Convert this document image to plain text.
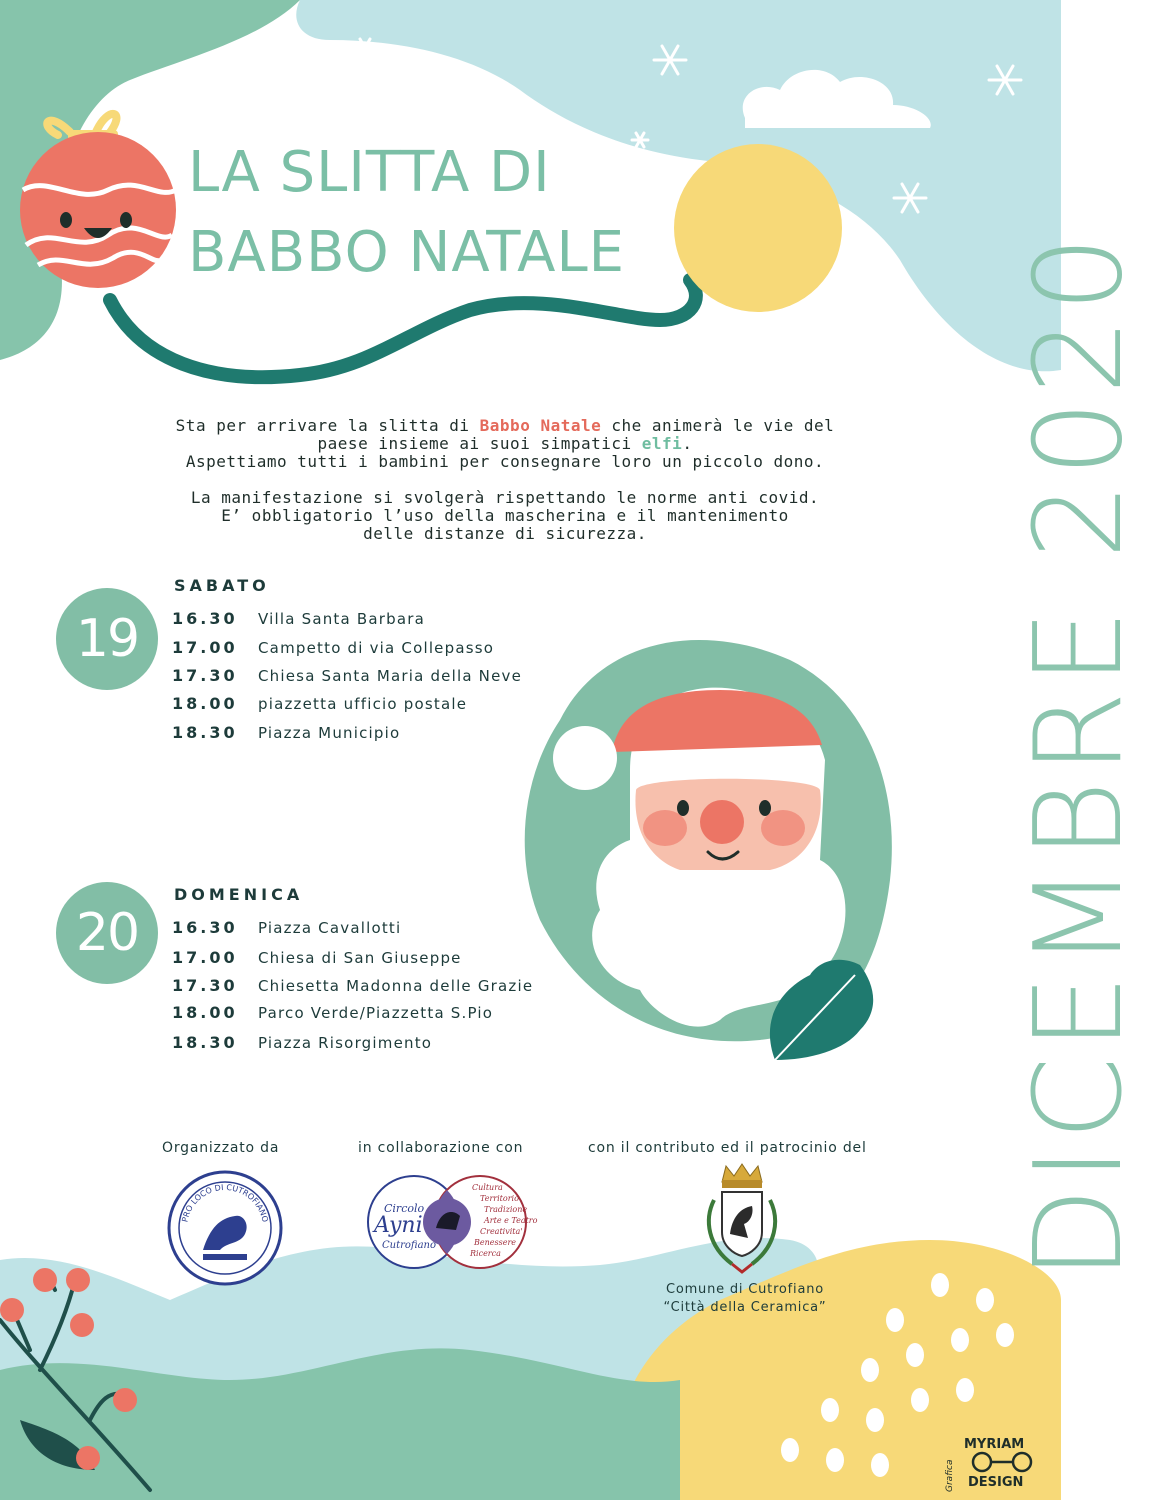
LA SLITTA DI
BABBO NATALE	DICEMBRE 2020
Sta per arrivare la slitta di Babbo Natale che animerà le vie del paese insieme ai suoi simpatici elfi.
Aspettiamo tutti i bambini per consegnare loro un piccolo dono.
La manifestazione si svolgerà rispettando le norme anti covid.
E’ obbligatorio l’uso della mascherina e il mantenimento
delle distanze di sicurezza.
SABATO
19	16.30 Villa Santa Barbara
17.00 Campetto di via Collepasso
17.30 Chiesa Santa Maria della Neve
18.00 piazzetta ufficio postale
18.30 Piazza Municipio
DOMENICA
20	16.30 Piazza Cavallotti
17.00 Chiesa di San Giuseppe
17.30 Chiesetta Madonna delle Grazie
18.00 Parco Verde/Piazzetta S.Pio
18.30 Piazza Risorgimento
Organizzato da	in collaborazione con	con il contributo ed il patrocinio del
PRO LOCO DI CUTROFIANO
Circolo
Ayni
Cutrofiano
Cultura
Territorio
Tradizione
Arte e Teatro
Creativita'
Benessere
Ricerca
Comune di Cutrofiano
“Città della Ceramica”
Grafica
MYRIAM
DESIGN
